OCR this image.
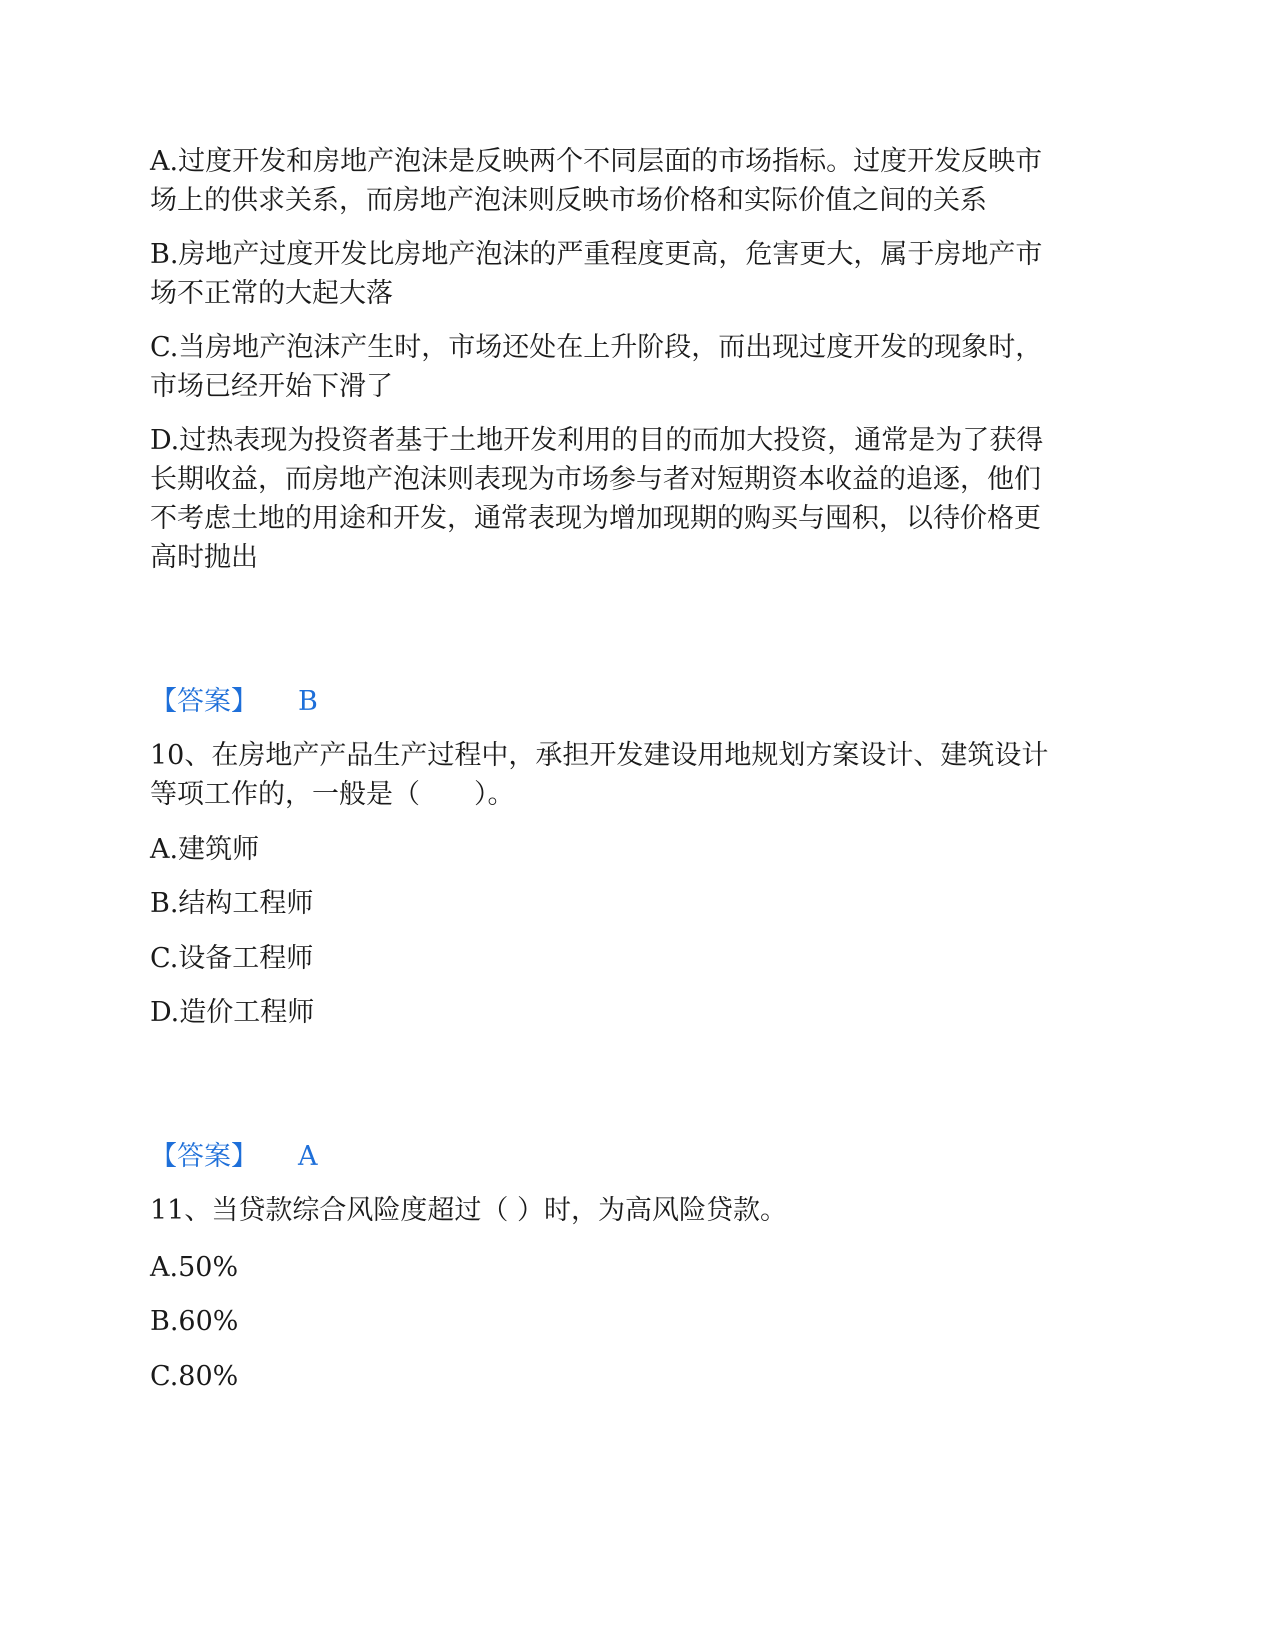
A.过度开发和房地产泡沫是反映两个不同层面的市场指标。过度开发反映市
场上的供求关系，而房地产泡沫则反映市场价格和实际价值之间的关系
B.房地产过度开发比房地产泡沫的严重程度更高，危害更大，属于房地产市
场不正常的大起大落
C.当房地产泡沫产生时，市场还处在上升阶段，而出现过度开发的现象时，
市场已经开始下滑了
D.过热表现为投资者基于土地开发利用的目的而加大投资，通常是为了获得
长期收益，而房地产泡沫则表现为市场参与者对短期资本收益的追逐，他们
不考虑土地的用途和开发，通常表现为增加现期的购买与囤积，以待价格更
高时抛出
【答案】 B
10、在房地产产品生产过程中，承担开发建设用地规划方案设计、建筑设计
等项工作的，一般是（　　）。
A.建筑师
B.结构工程师
C.设备工程师
D.造价工程师
【答案】 A
11、当贷款综合风险度超过（ ）时，为高风险贷款。
A.50%
B.60%
C.80%
